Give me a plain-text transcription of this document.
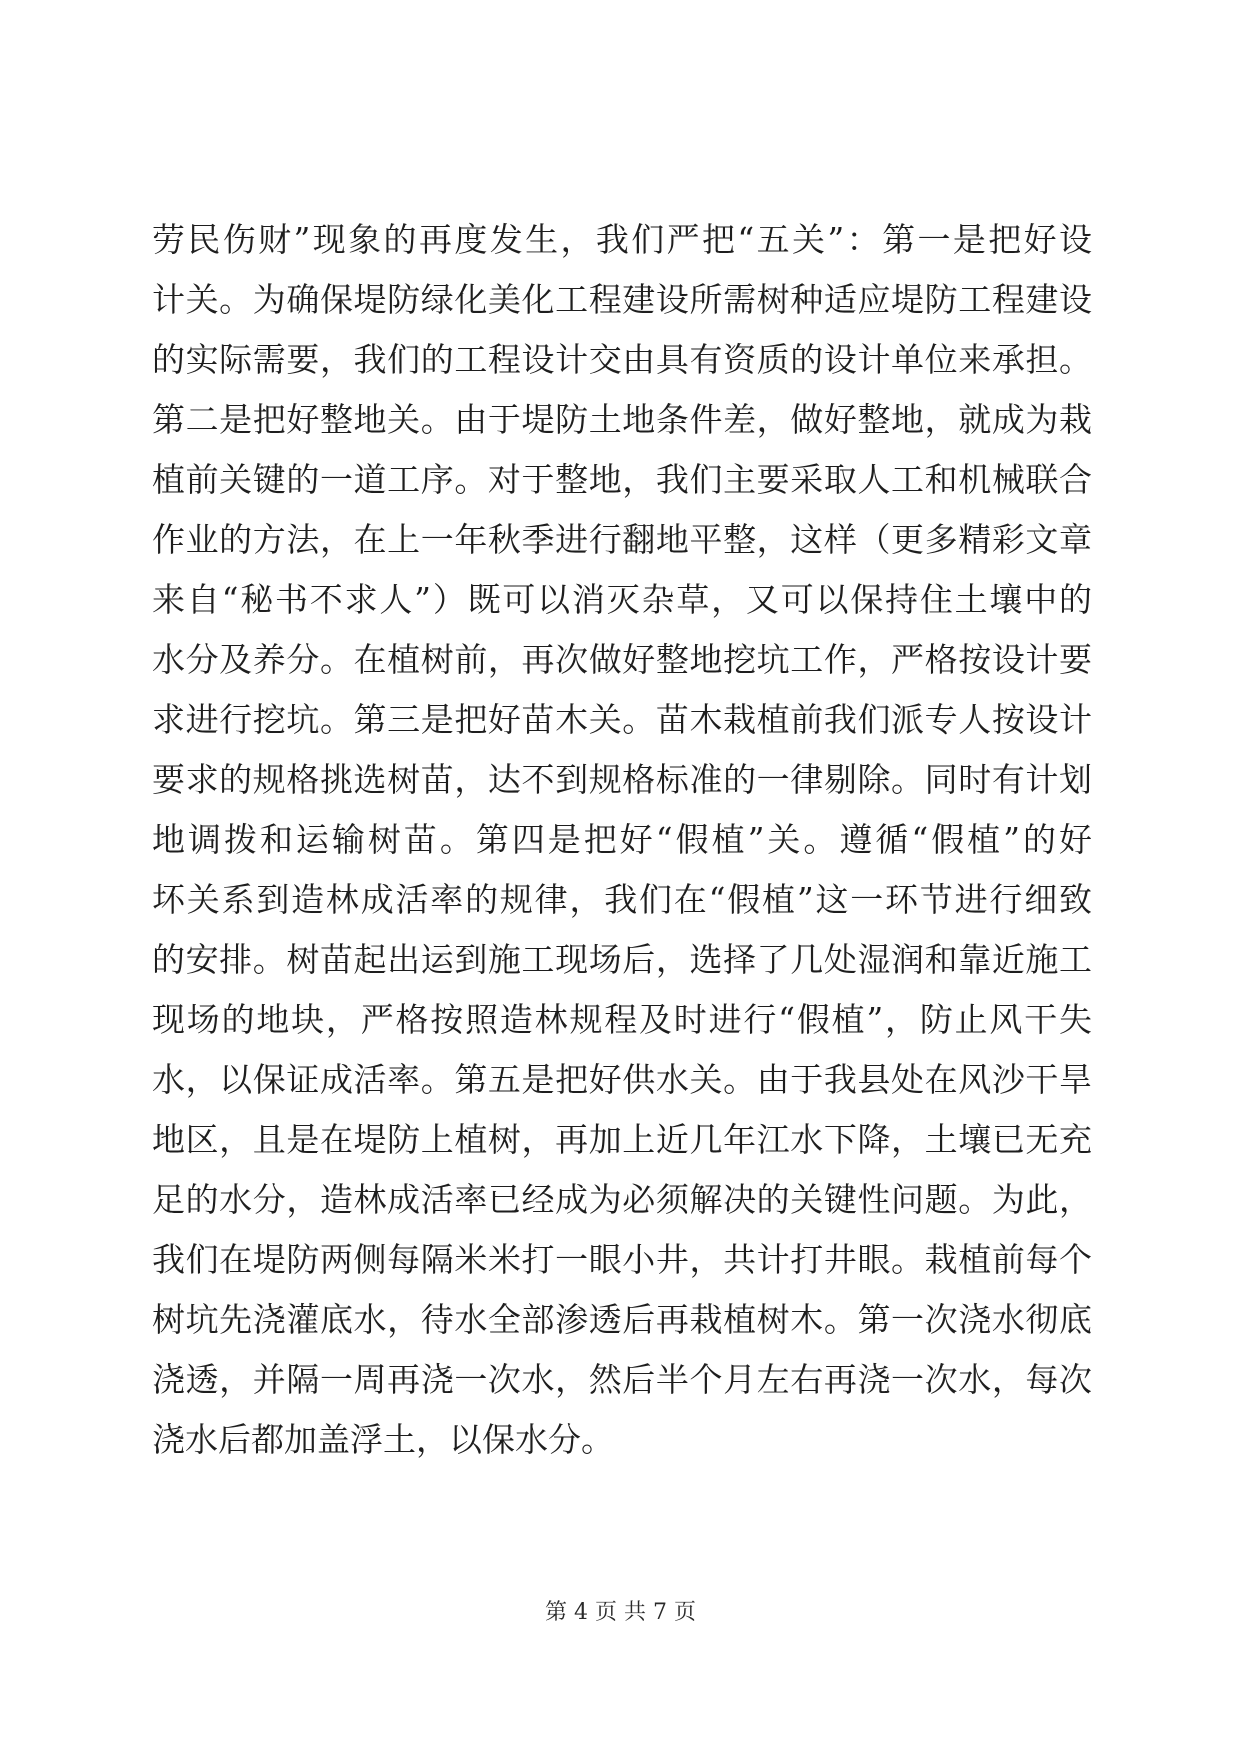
劳民伤财”现象的再度发生，我们严把“五关”：第一是把好设
计关。为确保堤防绿化美化工程建设所需树种适应堤防工程建设
的实际需要，我们的工程设计交由具有资质的设计单位来承担。
第二是把好整地关。由于堤防土地条件差，做好整地，就成为栽
植前关键的一道工序。对于整地，我们主要采取人工和机械联合
作业的方法，在上一年秋季进行翻地平整，这样（更多精彩文章
来自“秘书不求人”）既可以消灭杂草，又可以保持住土壤中的
水分及养分。在植树前，再次做好整地挖坑工作，严格按设计要
求进行挖坑。第三是把好苗木关。苗木栽植前我们派专人按设计
要求的规格挑选树苗，达不到规格标准的一律剔除。同时有计划
地调拨和运输树苗。第四是把好“假植”关。遵循“假植”的好
坏关系到造林成活率的规律，我们在“假植”这一环节进行细致
的安排。树苗起出运到施工现场后，选择了几处湿润和靠近施工
现场的地块，严格按照造林规程及时进行“假植”，防止风干失
水，以保证成活率。第五是把好供水关。由于我县处在风沙干旱
地区，且是在堤防上植树，再加上近几年江水下降，土壤已无充
足的水分，造林成活率已经成为必须解决的关键性问题。为此，
我们在堤防两侧每隔米米打一眼小井，共计打井眼。栽植前每个
树坑先浇灌底水，待水全部渗透后再栽植树木。第一次浇水彻底
浇透，并隔一周再浇一次水，然后半个月左右再浇一次水，每次
浇水后都加盖浮土，以保水分。
第 4 页 共 7 页
